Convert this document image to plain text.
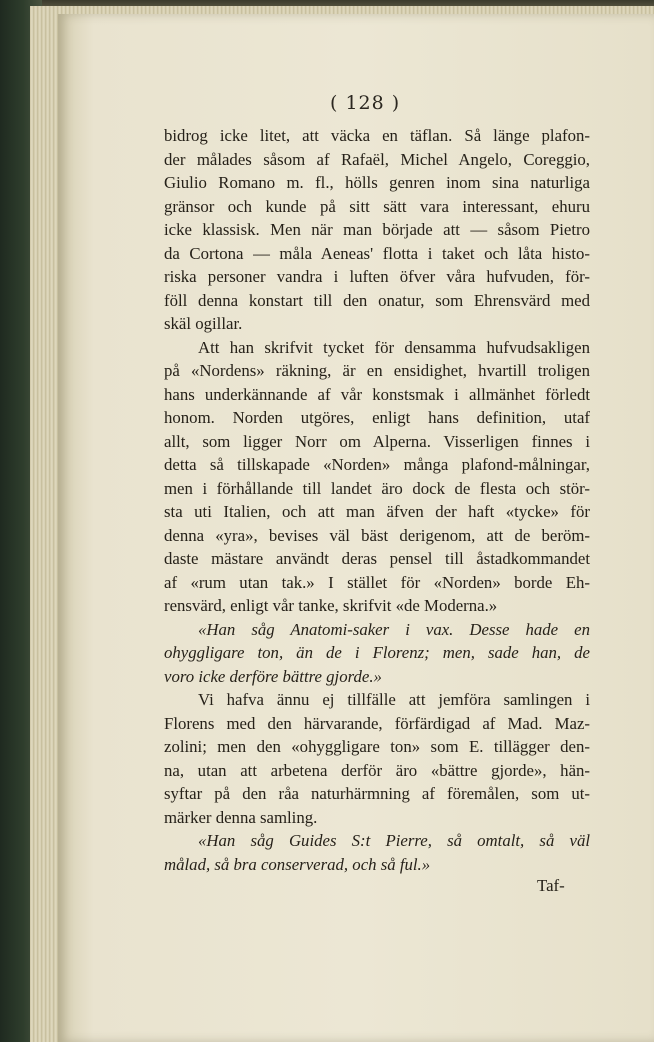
( 128 )
bidrog icke litet, att väcka en täflan. Så länge plafon-
der målades såsom af Rafaël, Michel Angelo, Coreggio,
Giulio Romano m. fl., hölls genren inom sina naturliga
gränsor och kunde på sitt sätt vara interessant, ehuru
icke klassisk. Men när man började att — såsom Pietro
da Cortona — måla Aeneas' flotta i taket och låta histo-
riska personer vandra i luften öfver våra hufvuden, för-
föll denna konstart till den onatur, som Ehrensvärd med
skäl ogillar.
Att han skrifvit tycket för densamma hufvudsakligen
på «Nordens» räkning, är en ensidighet, hvartill troligen
hans underkännande af vår konstsmak i allmänhet förledt
honom. Norden utgöres, enligt hans definition, utaf
allt, som ligger Norr om Alperna. Visserligen finnes i
detta så tillskapade «Norden» många plafond-målningar,
men i förhållande till landet äro dock de flesta och stör-
sta uti Italien, och att man äfven der haft «tycke» för
denna «yra», bevises väl bäst derigenom, att de beröm-
daste mästare användt deras pensel till åstadkommandet
af «rum utan tak.» I stället för «Norden» borde Eh-
rensvärd, enligt vår tanke, skrifvit «de Moderna.»
«Han såg Anatomi-saker i vax. Desse hade en
ohyggligare ton, än de i Florenz; men, sade han, de
voro icke derföre bättre gjorde.»
Vi hafva ännu ej tillfälle att jemföra samlingen i
Florens med den härvarande, förfärdigad af Mad. Maz-
zolini; men den «ohyggligare ton» som E. tillägger den-
na, utan att arbetena derför äro «bättre gjorde», hän-
syftar på den råa naturhärmning af föremålen, som ut-
märker denna samling.
«Han såg Guides S:t Pierre, så omtalt, så väl
målad, så bra conserverad, och så ful.»
Taf-
